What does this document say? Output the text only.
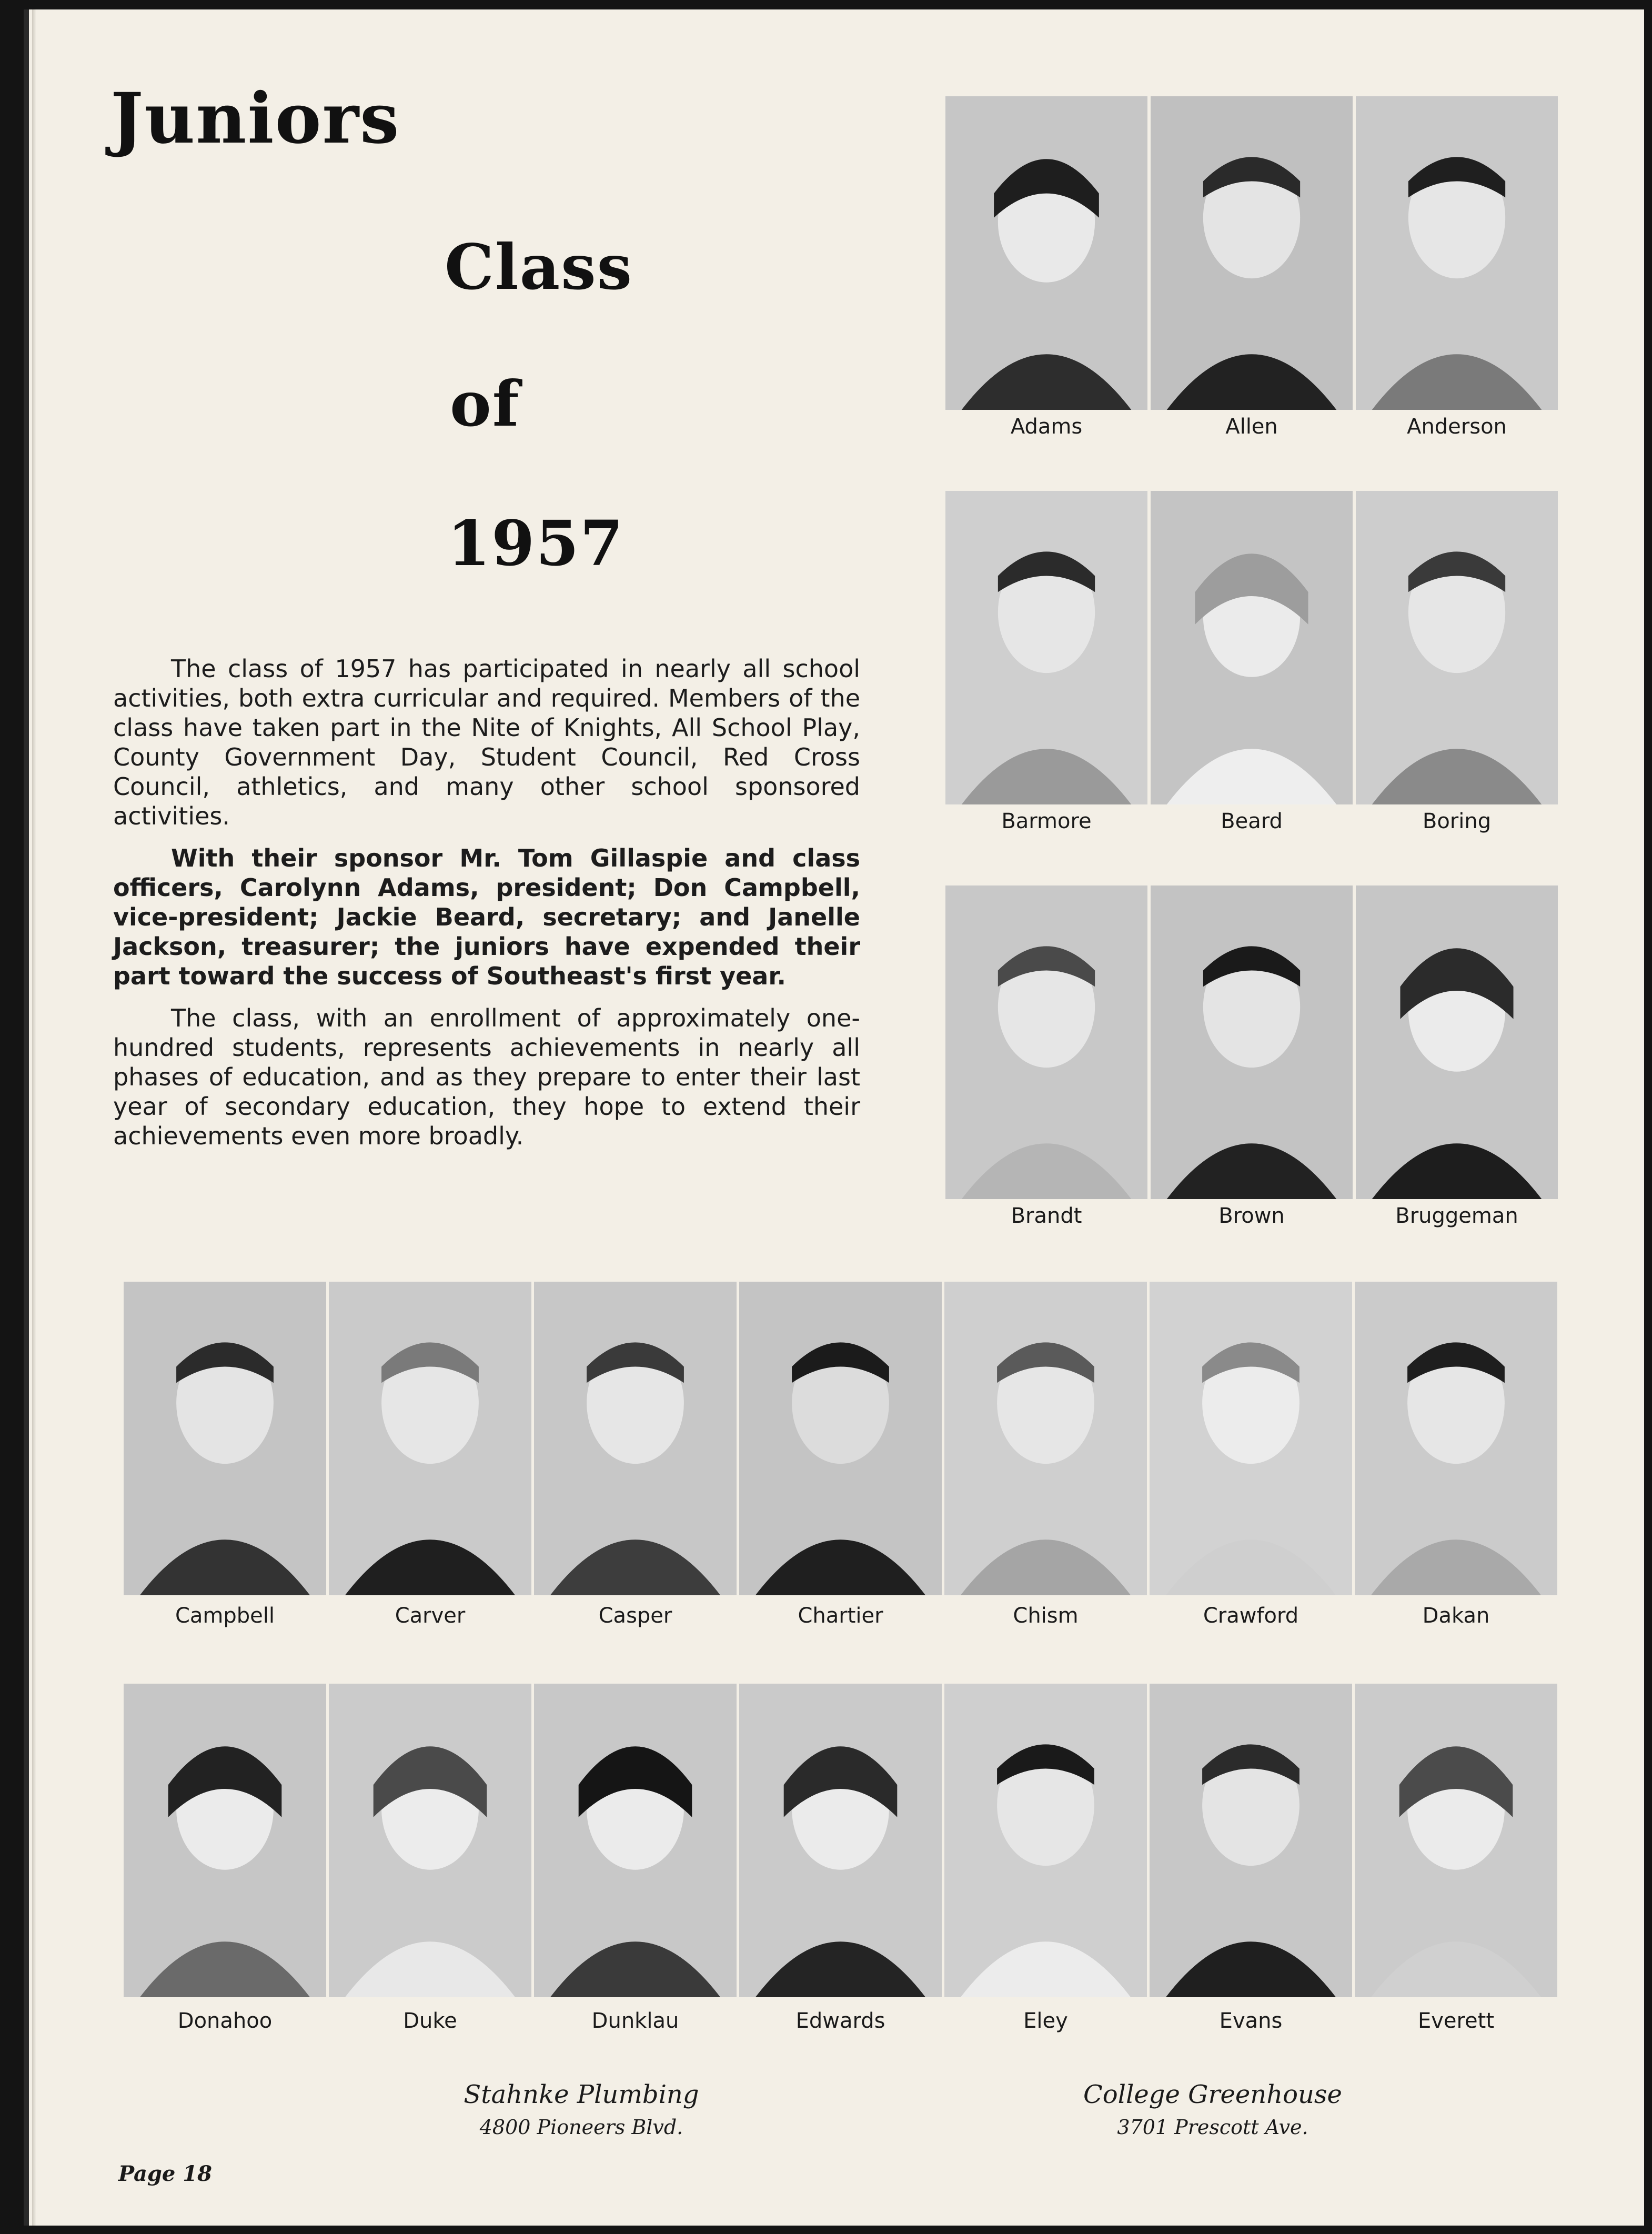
Juniors
Class
of
1957

The class of 1957 has participated in nearly all school activities, both extra curricular and required. Members of the class have taken part in the Nite of Knights, All School Play, County Government Day, Student Council, Red Cross Council, athletics, and many other school sponsored activities.

With their sponsor Mr. Tom Gillaspie and class officers, Carolynn Adams, president; Don Campbell, vice-president; Jackie Beard, secretary; and Janelle Jackson, treasurer; the juniors have expended their part toward the success of Southeast's first year.

The class, with an enrollment of approximately one-hundred students, represents achievements in nearly all phases of education, and as they prepare to enter their last year of secondary education, they hope to extend their achievements even more broadly.

Adams	Allen	Anderson
Barmore	Beard	Boring
Brandt	Brown	Bruggeman
Campbell	Carver	Casper	Chartier	Chism	Crawford	Dakan
Donahoo	Duke	Dunklau	Edwards	Eley	Evans	Everett
Stahnke Plumbing
4800 Pioneers Blvd.
College Greenhouse
3701 Prescott Ave.
Page 18
